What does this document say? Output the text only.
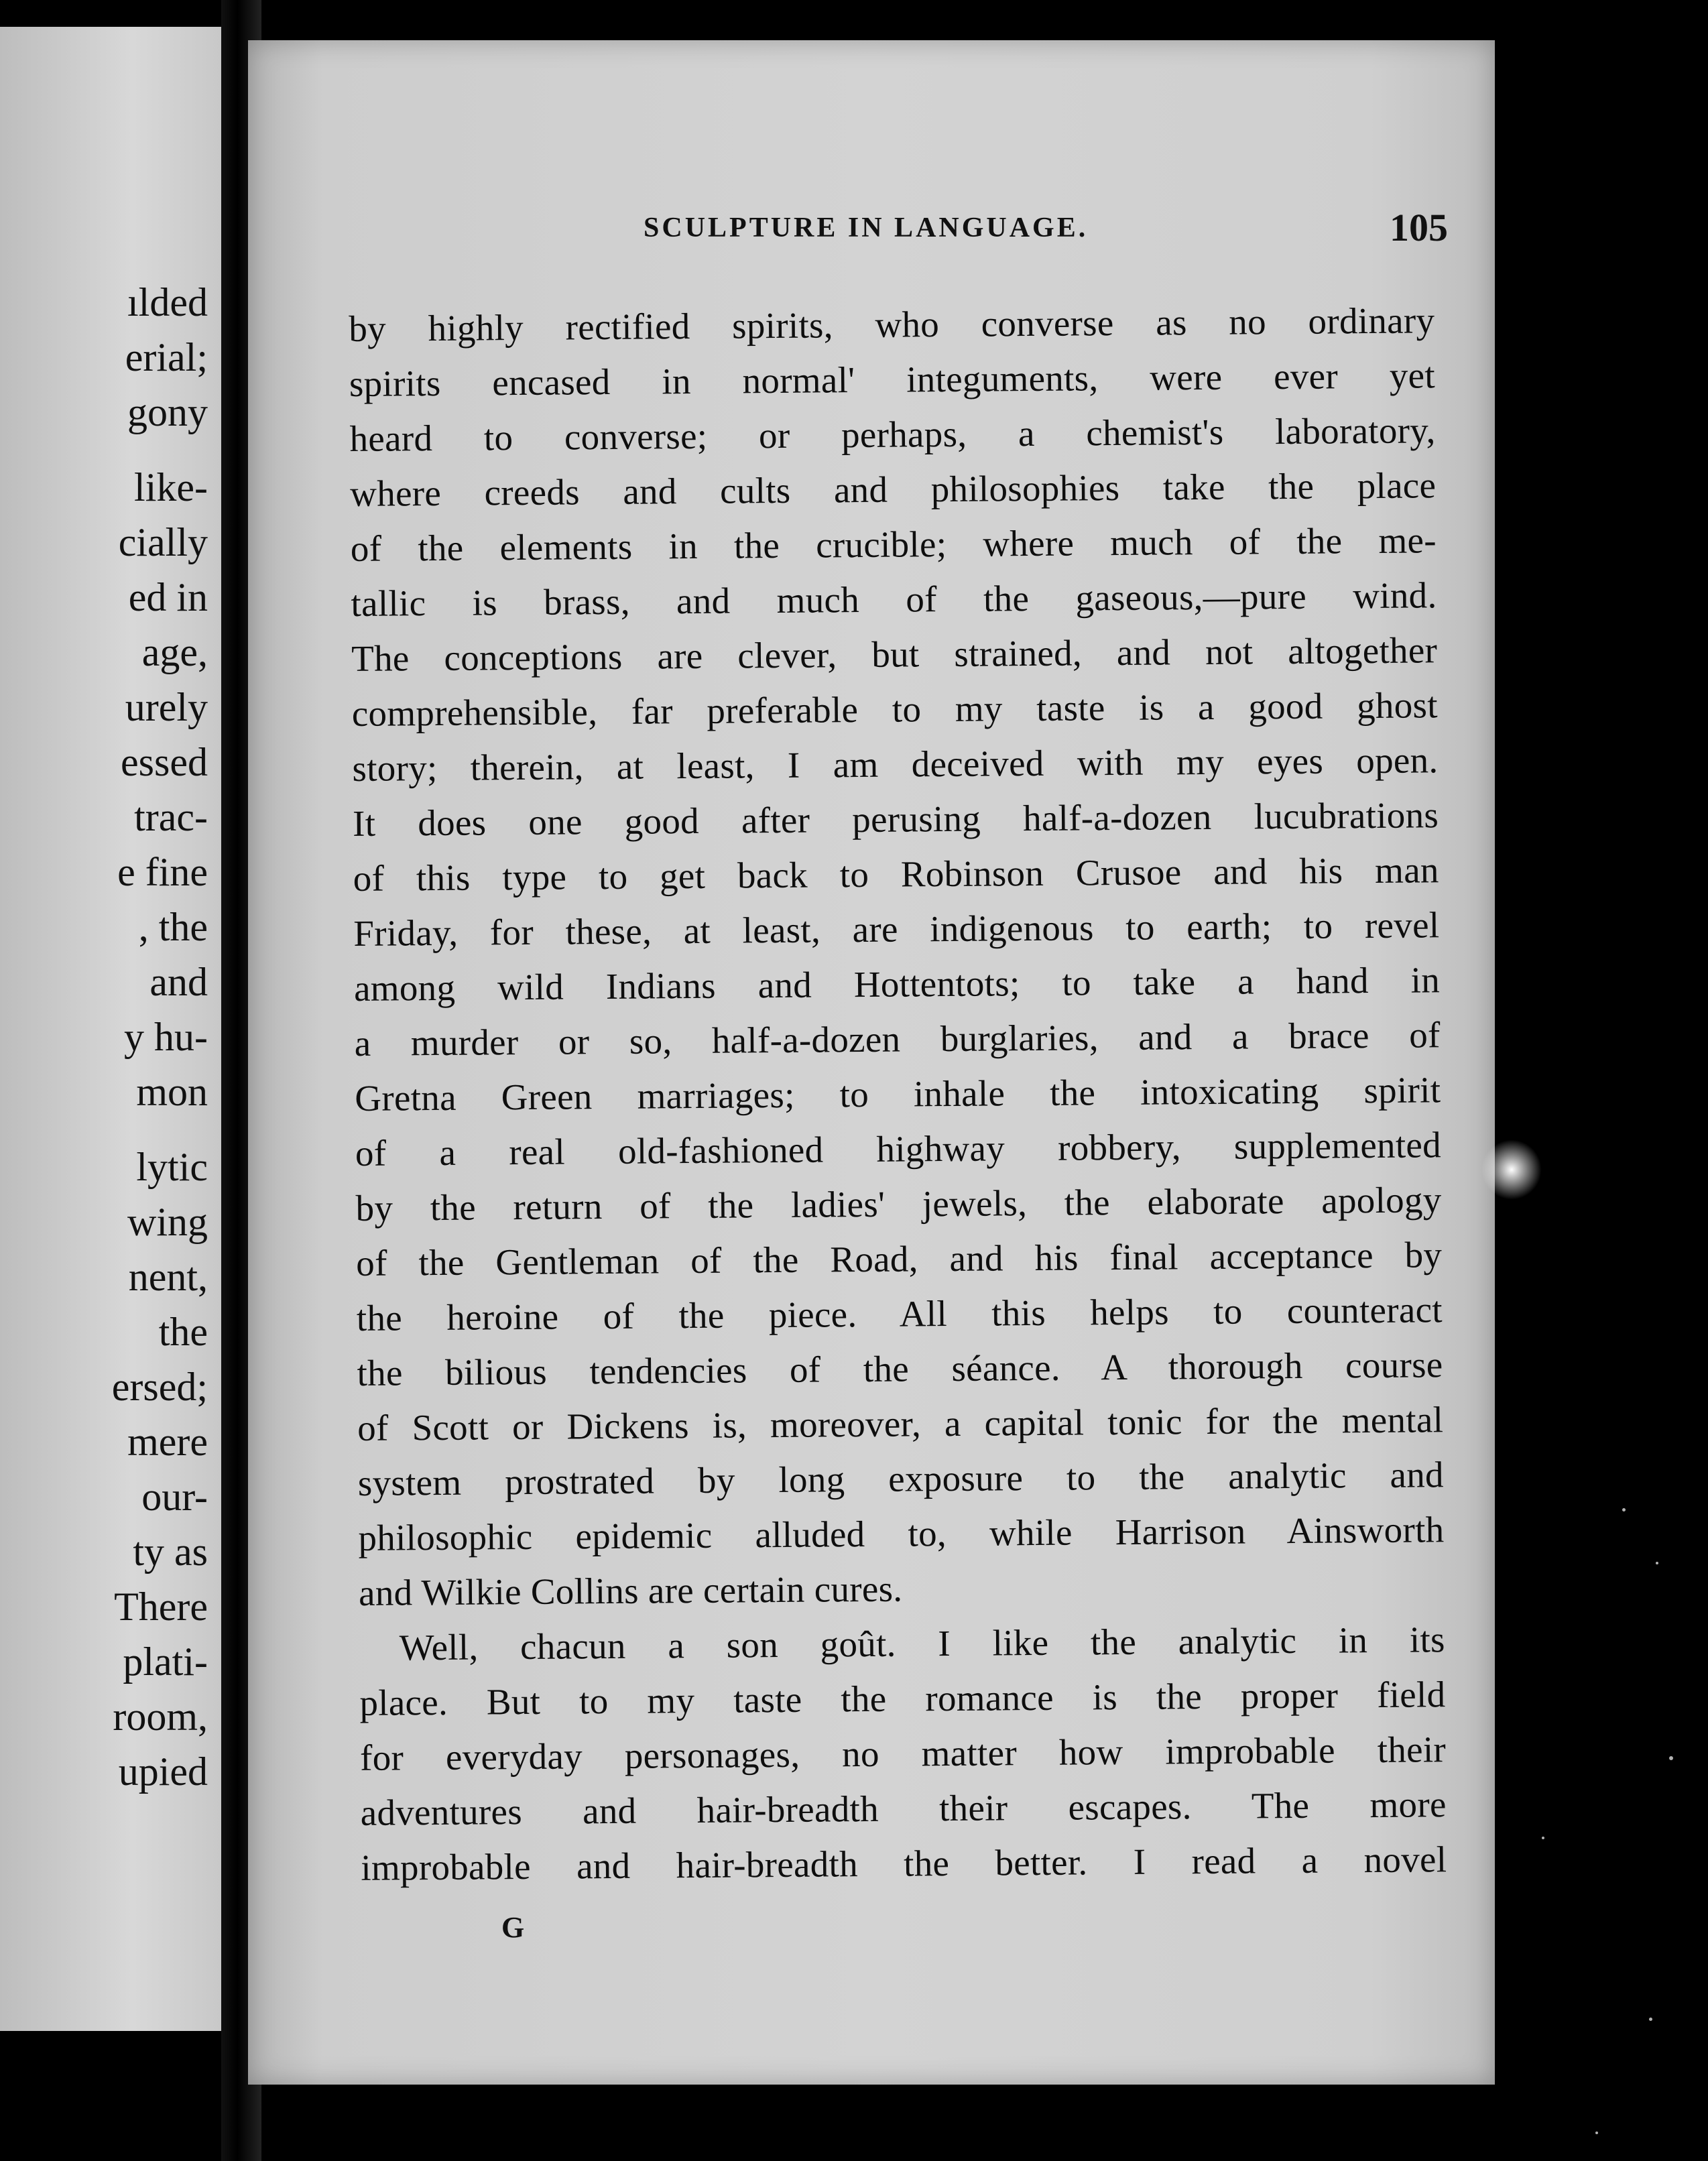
ılded
erial;
gony
like-
cially
ed in
age,
urely
essed
trac-
e fine
, the
and
y hu-
mon
lytic
wing
nent,
the
ersed;
mere
our-
ty as
There
plati-
room,
upied
SCULPTURE IN LANGUAGE.	105
by highly rectified spirits, who converse as no ordinary
spirits encased in normal' integuments, were ever yet
heard to converse; or perhaps, a chemist's laboratory,
where creeds and cults and philosophies take the place
of the elements in the crucible; where much of the me-
tallic is brass, and much of the gaseous,—pure wind.
The conceptions are clever, but strained, and not altogether
comprehensible, far preferable to my taste is a good ghost
story; therein, at least, I am deceived with my eyes open.
It does one good after perusing half-a-dozen lucubrations
of this type to get back to Robinson Crusoe and his man
Friday, for these, at least, are indigenous to earth; to revel
among wild Indians and Hottentots; to take a hand in
a murder or so, half-a-dozen burglaries, and a brace of
Gretna Green marriages; to inhale the intoxicating spirit
of a real old-fashioned highway robbery, supplemented
by the return of the ladies' jewels, the elaborate apology
of the Gentleman of the Road, and his final acceptance by
the heroine of the piece. All this helps to counteract
the bilious tendencies of the séance. A thorough course
of Scott or Dickens is, moreover, a capital tonic for the mental
system prostrated by long exposure to the analytic and
philosophic epidemic alluded to, while Harrison Ainsworth
and Wilkie Collins are certain cures.
Well, chacun a son goût. I like the analytic in its
place. But to my taste the romance is the proper field
for everyday personages, no matter how improbable their
adventures and hair-breadth their escapes. The more
improbable and hair-breadth the better. I read a novel
G
